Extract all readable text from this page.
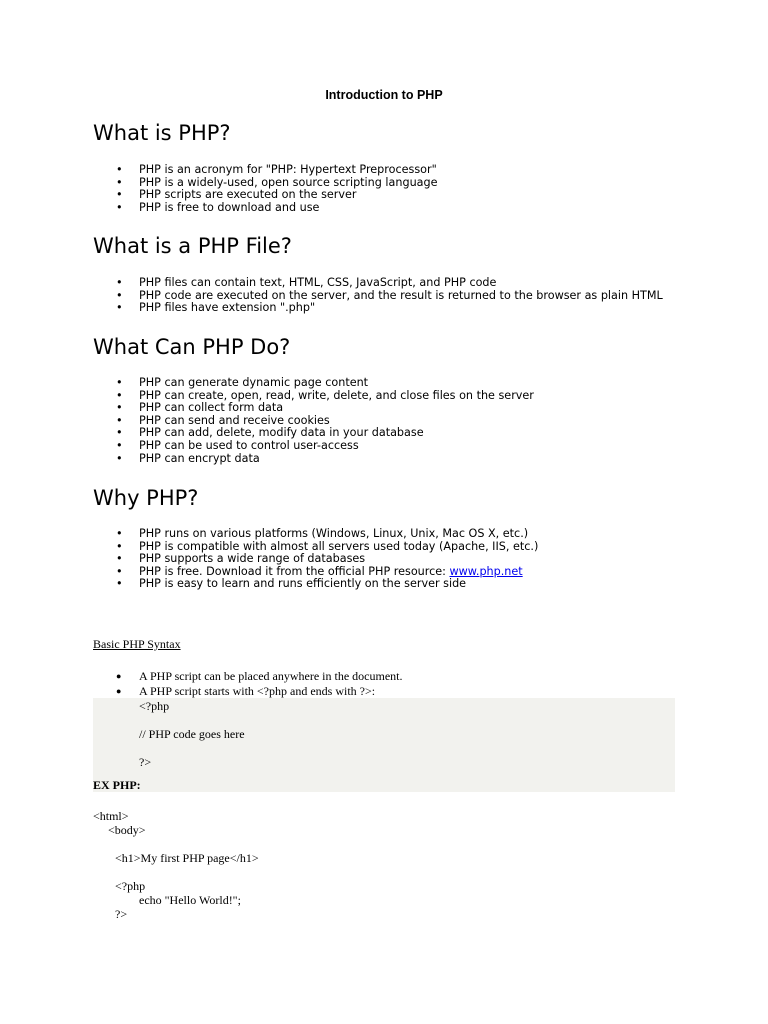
Introduction to PHP
What is PHP?
• PHP is an acronym for "PHP: Hypertext Preprocessor"
• PHP is a widely-used, open source scripting language
• PHP scripts are executed on the server
• PHP is free to download and use
What is a PHP File?
• PHP files can contain text, HTML, CSS, JavaScript, and PHP code
• PHP code are executed on the server, and the result is returned to the browser as plain HTML
• PHP files have extension ".php"
What Can PHP Do?
• PHP can generate dynamic page content
• PHP can create, open, read, write, delete, and close files on the server
• PHP can collect form data
• PHP can send and receive cookies
• PHP can add, delete, modify data in your database
• PHP can be used to control user-access
• PHP can encrypt data
Why PHP?
• PHP runs on various platforms (Windows, Linux, Unix, Mac OS X, etc.)
• PHP is compatible with almost all servers used today (Apache, IIS, etc.)
• PHP supports a wide range of databases
• PHP is free. Download it from the official PHP resource: www.php.net
• PHP is easy to learn and runs efficiently on the server side
Basic PHP Syntax
● A PHP script can be placed anywhere in the document.
● A PHP script starts with <?php and ends with ?>:
<?php
// PHP code goes here
?>
EX PHP:
<html>
<body>
<h1>My first PHP page</h1>
<?php
echo "Hello World!";
?>
